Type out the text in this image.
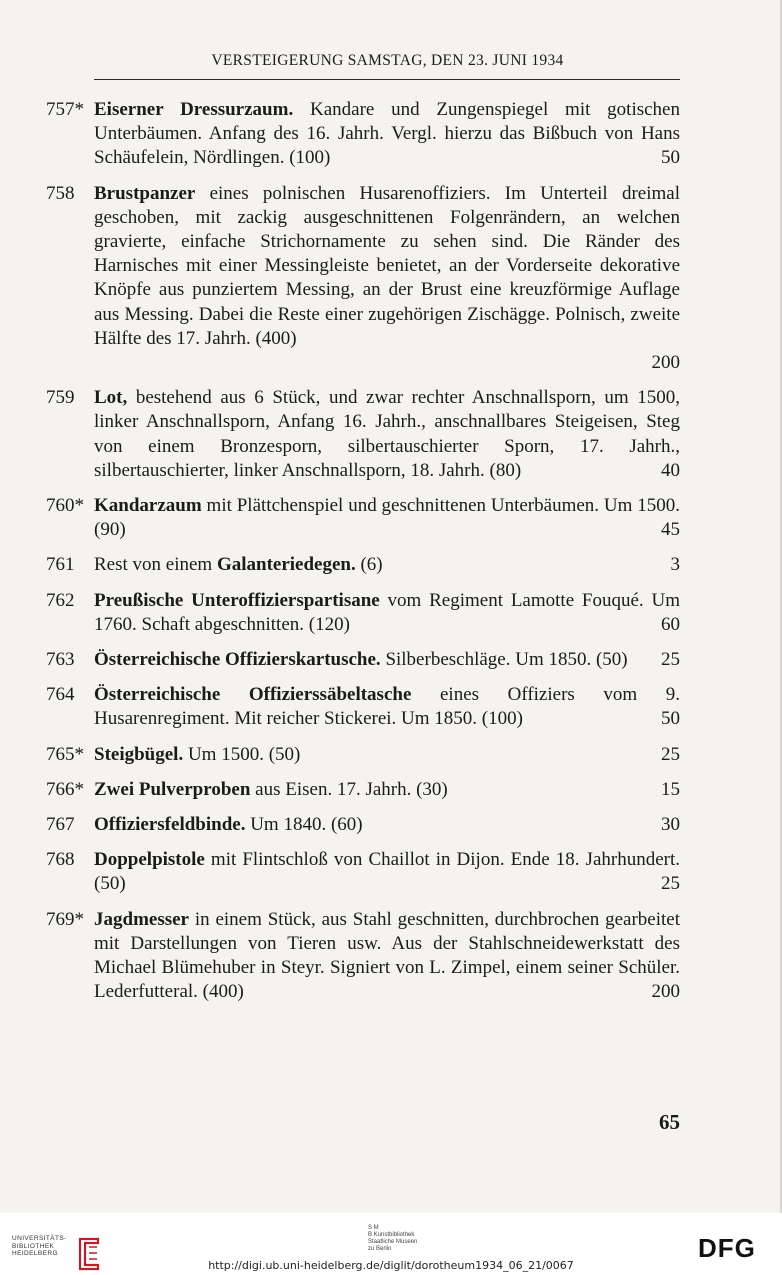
VERSTEIGERUNG SAMSTAG, DEN 23. JUNI 1934
757* Eiserner Dressurzaum. Kandare und Zungenspiegel mit gotischen Unterbäumen. Anfang des 16. Jahrh. Vergl. hierzu das Bißbuch von Hans Schäufelein, Nördlingen. (100)	50
758	Brustpanzer eines polnischen Husarenoffiziers. Im Unterteil dreimal geschoben, mit zackig ausgeschnittenen Folgenrändern, an welchen gravierte, einfache Strichornamente zu sehen sind. Die Ränder des Harnisches mit einer Messingleiste benietet, an der Vorderseite dekorative Knöpfe aus punziertem Messing, an der Brust eine kreuzförmige Auflage aus Messing. Dabei die Reste einer zugehörigen Zischägge. Polnisch, zweite Hälfte des 17. Jahrh. (400)
200
759	Lot, bestehend aus 6 Stück, und zwar rechter Anschnallsporn, um 1500, linker Anschnallsporn, Anfang 16. Jahrh., anschnallbares Steigeisen, Steg von einem Bronzesporn, silbertauschierter Sporn, 17. Jahrh., silbertauschierter, linker Anschnallsporn, 18. Jahrh. (80)	40
760* Kandarzaum mit Plättchenspiel und geschnittenen Unterbäumen. Um 1500. (90)	45
761	Rest von einem Galanteriedegen. (6)	3
762	Preußische Unteroffizierspartisane vom Regiment Lamotte Fouqué. Um 1760. Schaft abgeschnitten. (120)	60
763	Österreichische Offizierskartusche. Silberbeschläge. Um 1850. (50) 25
764	Österreichische Offizierssäbeltasche eines Offiziers vom 9. Husarenregiment. Mit reicher Stickerei. Um 1850. (100)	50
765* Steigbügel. Um 1500. (50)	25
766* Zwei Pulverproben aus Eisen. 17. Jahrh. (30)	15
767	Offiziersfeldbinde. Um 1840. (60)	30
768	Doppelpistole mit Flintschloß von Chaillot in Dijon. Ende 18. Jahrhundert. (50)	25
769* Jagdmesser in einem Stück, aus Stahl geschnitten, durchbrochen gearbeitet mit Darstellungen von Tieren usw. Aus der Stahlschneidewerkstatt des Michael Blümehuber in Steyr. Signiert von L. Zimpel, einem seiner Schüler. Lederfutteral. (400)	200
65
UNIVERSITÄTS-
BIBLIOTHEK
HEIDELBERG
S M
B Kunstbibliothek
Staatliche Museen
zu Berlin	DFG
http://digi.ub.uni-heidelberg.de/diglit/dorotheum1934_06_21/0067
